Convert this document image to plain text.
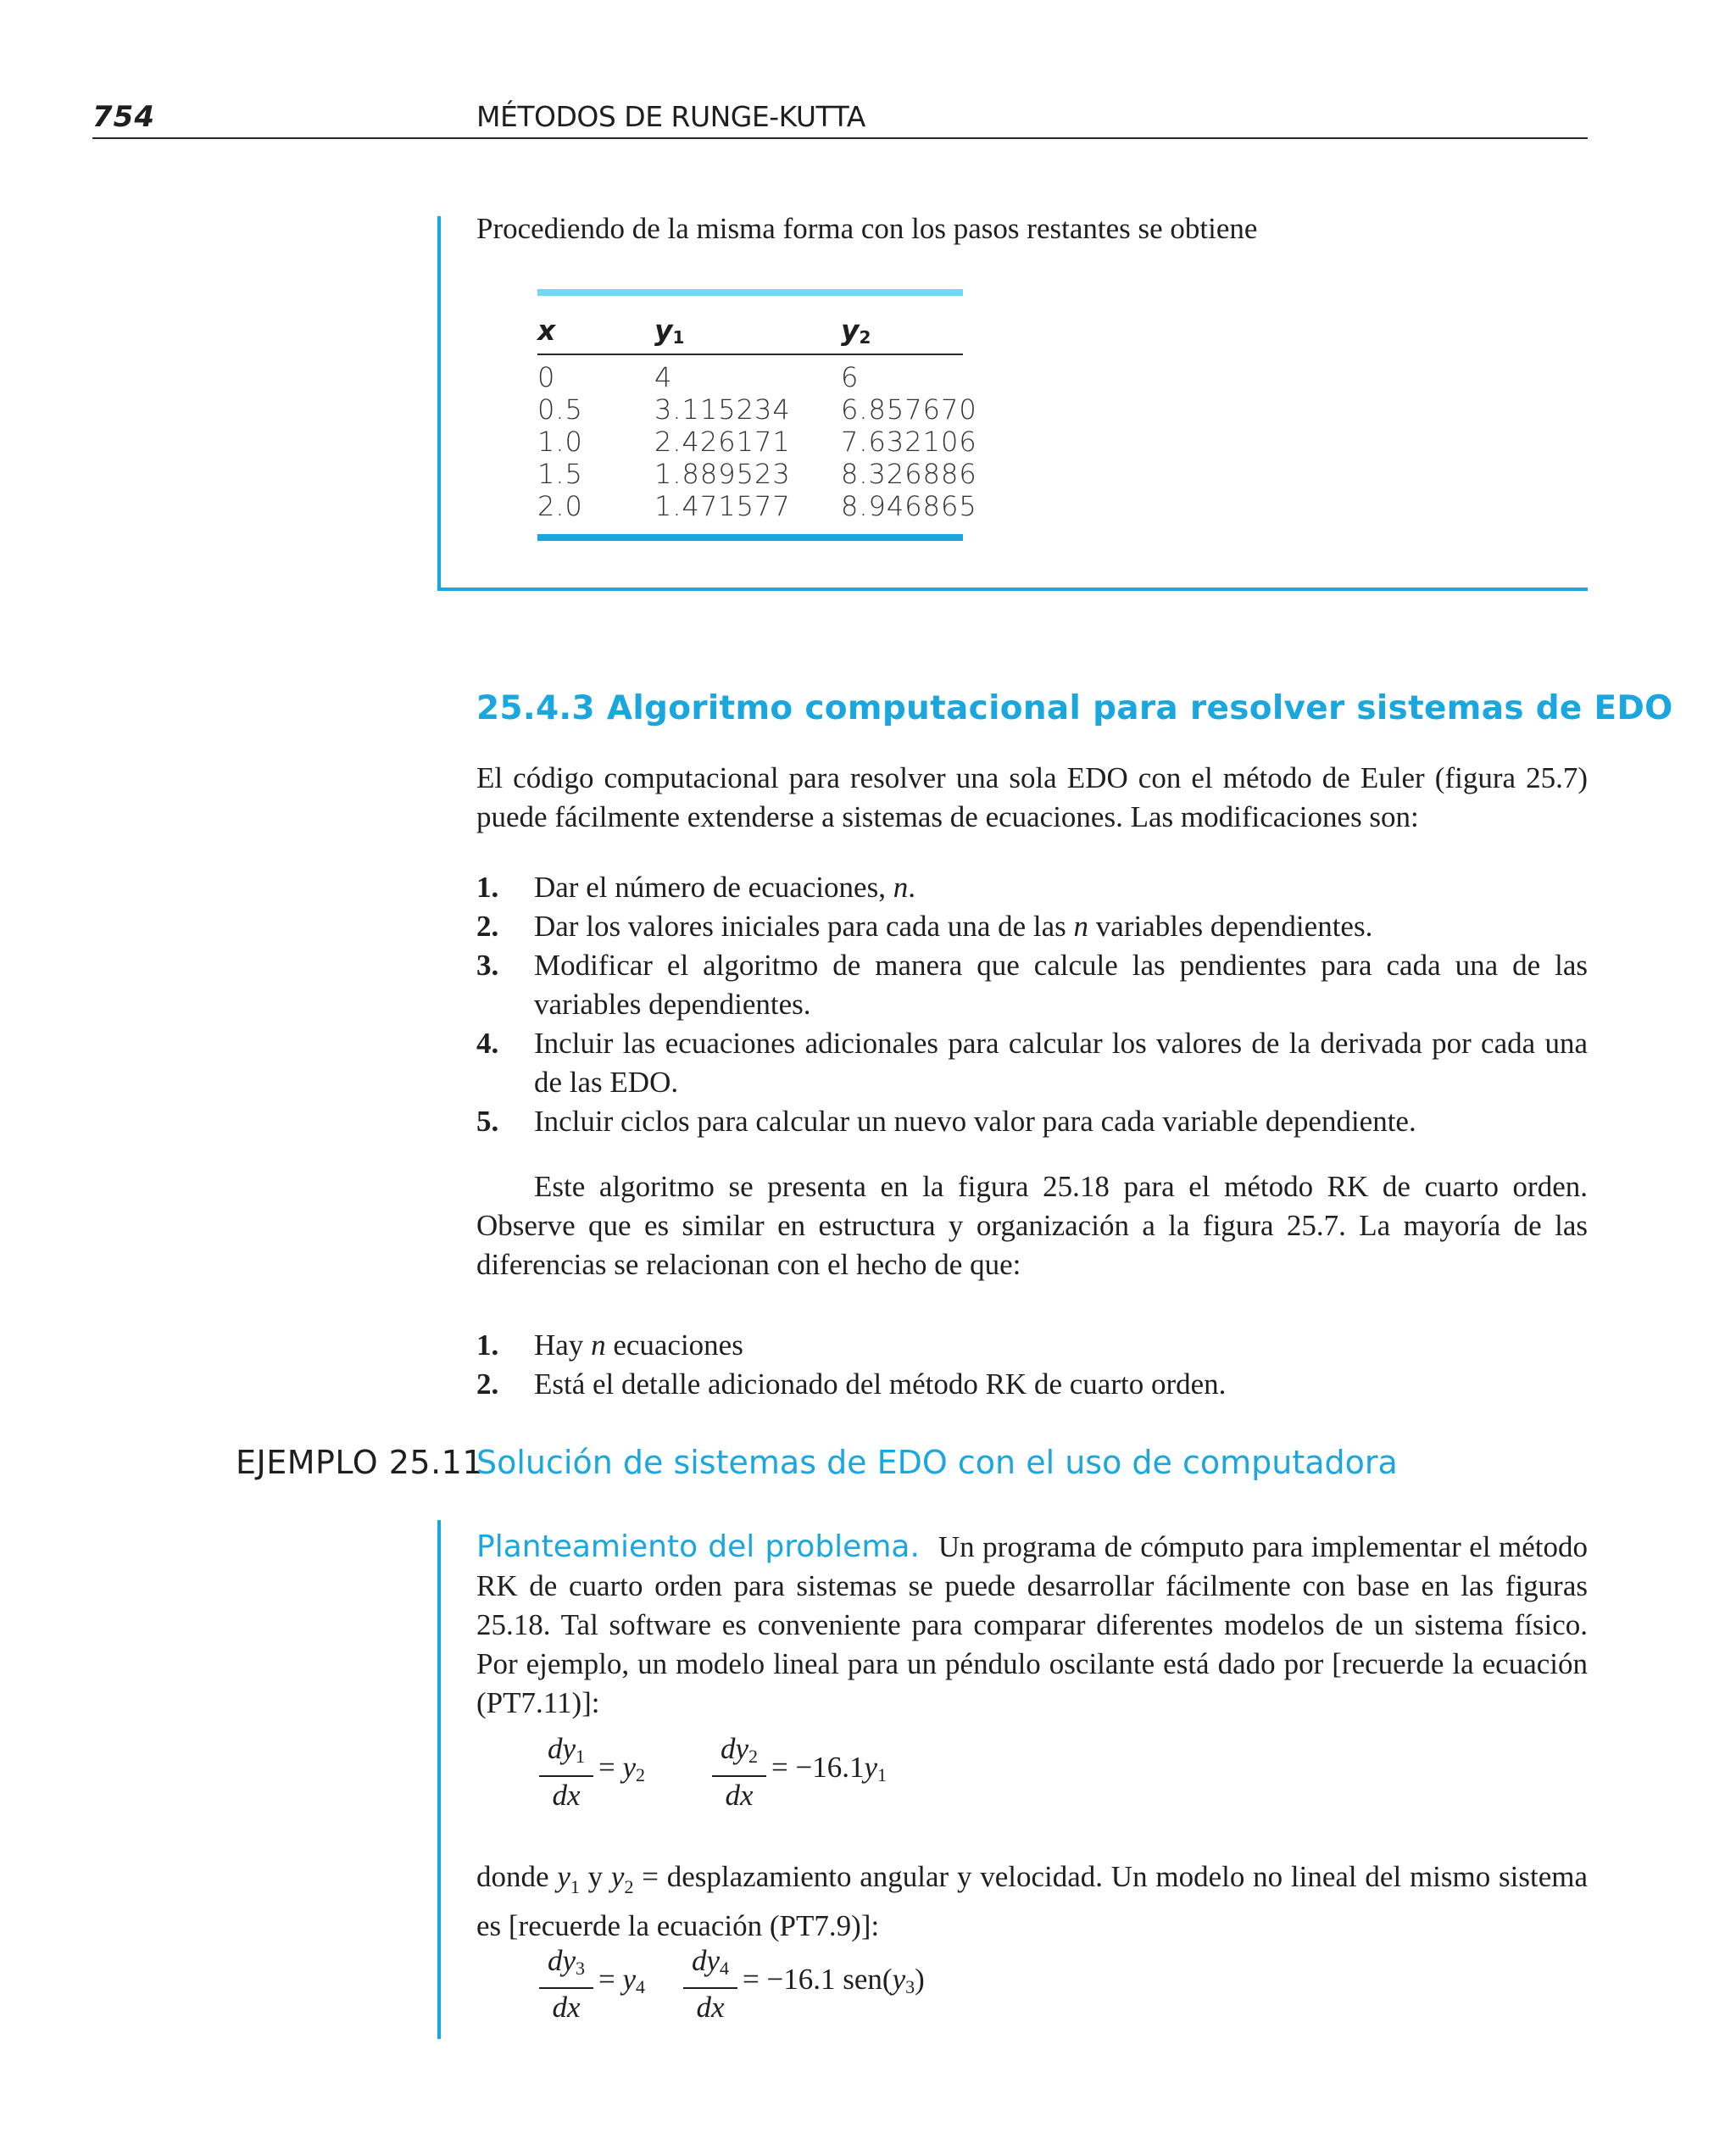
754	MÉTODOS DE RUNGE-KUTTA
Procediendo de la misma forma con los pasos restantes se obtiene
x	$y_1$	$y_2$
0	4	6
0.5	3.115234 6.857670
1.0	2.426171 7.632106
1.5	1.889523 8.326886
2.0	1.471577 8.946865
25.4.3 Algoritmo computacional para resolver sistemas de EDO
El código computacional para resolver una sola EDO con el método de Euler (figura 25.7) puede fácilmente extenderse a sistemas de ecuaciones. Las modificaciones son:
1.	Dar el número de ecuaciones, n.
2.	Dar los valores iniciales para cada una de las n variables dependientes.
3.	Modificar el algoritmo de manera que calcule las pendientes para cada una de las variables dependientes.
4.	Incluir las ecuaciones adicionales para calcular los valores de la derivada por cada una de las EDO.
5.	Incluir ciclos para calcular un nuevo valor para cada variable dependiente.
Este algoritmo se presenta en la figura 25.18 para el método RK de cuarto orden. Observe que es similar en estructura y organización a la figura 25.7. La mayoría de las diferencias se relacionan con el hecho de que:
1.	Hay n ecuaciones
2.	Está el detalle adicionado del método RK de cuarto orden.
EJEMPLO 25.11
Solución de sistemas de EDO con el uso de computadora
Planteamiento del problema. Un programa de cómputo para implementar el método RK de cuarto orden para sistemas se puede desarrollar fácilmente con base en las figuras 25.18. Tal software es conveniente para comparar diferentes modelos de un sistema físico. Por ejemplo, un modelo lineal para un péndulo oscilante está dado por [recuerde la ecuación (PT7.11)]:
$dy_1$
dx
= $y_2$
$dy_2$
dx
= $-16.1y_1$
donde $y_1$ y $y_2$ = desplazamiento angular y velocidad. Un modelo no lineal del mismo sistema es [recuerde la ecuación (PT7.9)]:
$dy_3$
dx
= $y_4$
$dy_4$
dx
= −16.1 $sen(y_3)$
